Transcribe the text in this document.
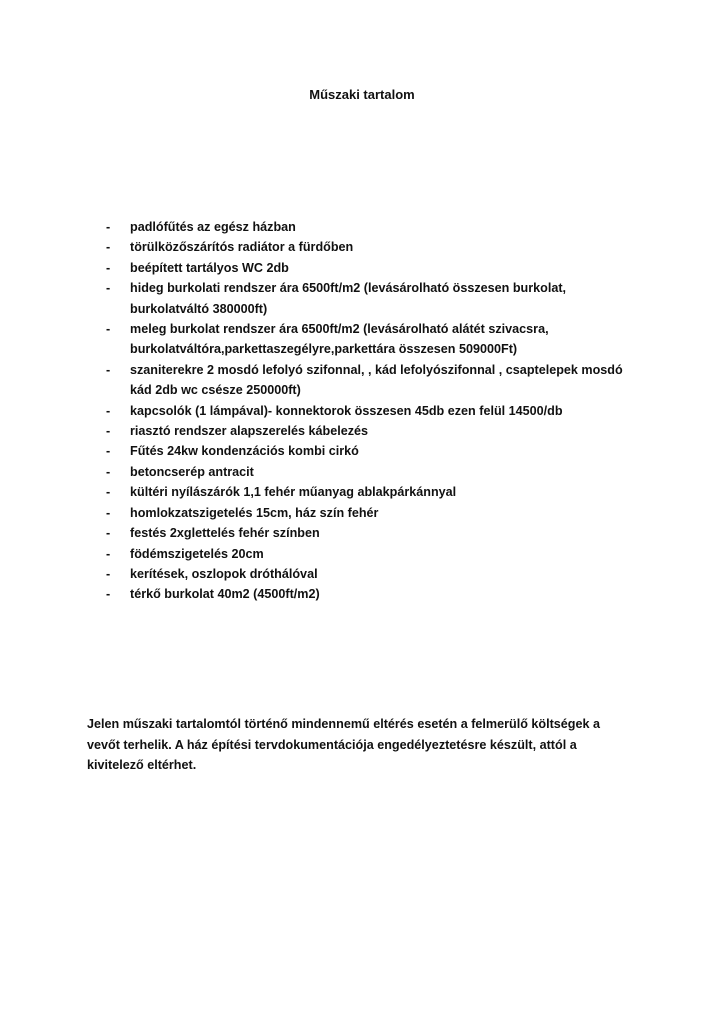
Műszaki tartalom
- padlófűtés az egész házban
- törülközőszárítós radiátor a fürdőben
- beépített tartályos WC 2db
- hideg burkolati rendszer ára 6500ft/m2 (levásárolható összesen burkolat, burkolatváltó 380000ft)
- meleg burkolat rendszer ára 6500ft/m2 (levásárolható alátét szivacsra, burkolatváltóra,parkettaszegélyre,parkettára összesen 509000Ft)
- szaniterekre 2 mosdó lefolyó szifonnal, , kád lefolyószifonnal , csaptelepek mosdó kád 2db wc csésze 250000ft)
- kapcsolók (1 lámpával)- konnektorok összesen 45db ezen felül 14500/db
- riasztó rendszer alapszerelés kábelezés
- Fűtés 24kw kondenzációs kombi cirkó
- betoncserép antracit
- kültéri nyílászárók 1,1 fehér műanyag ablakpárkánnyal
- homlokzatszigetelés 15cm, ház szín fehér
- festés 2xglettelés fehér színben
- födémszigetelés 20cm
- kerítések, oszlopok dróthálóval
- térkő burkolat 40m2 (4500ft/m2)

Jelen műszaki tartalomtól történő mindennemű eltérés esetén a felmerülő költségek a vevőt terhelik. A ház építési tervdokumentációja engedélyeztetésre készült, attól a kivitelező eltérhet.
